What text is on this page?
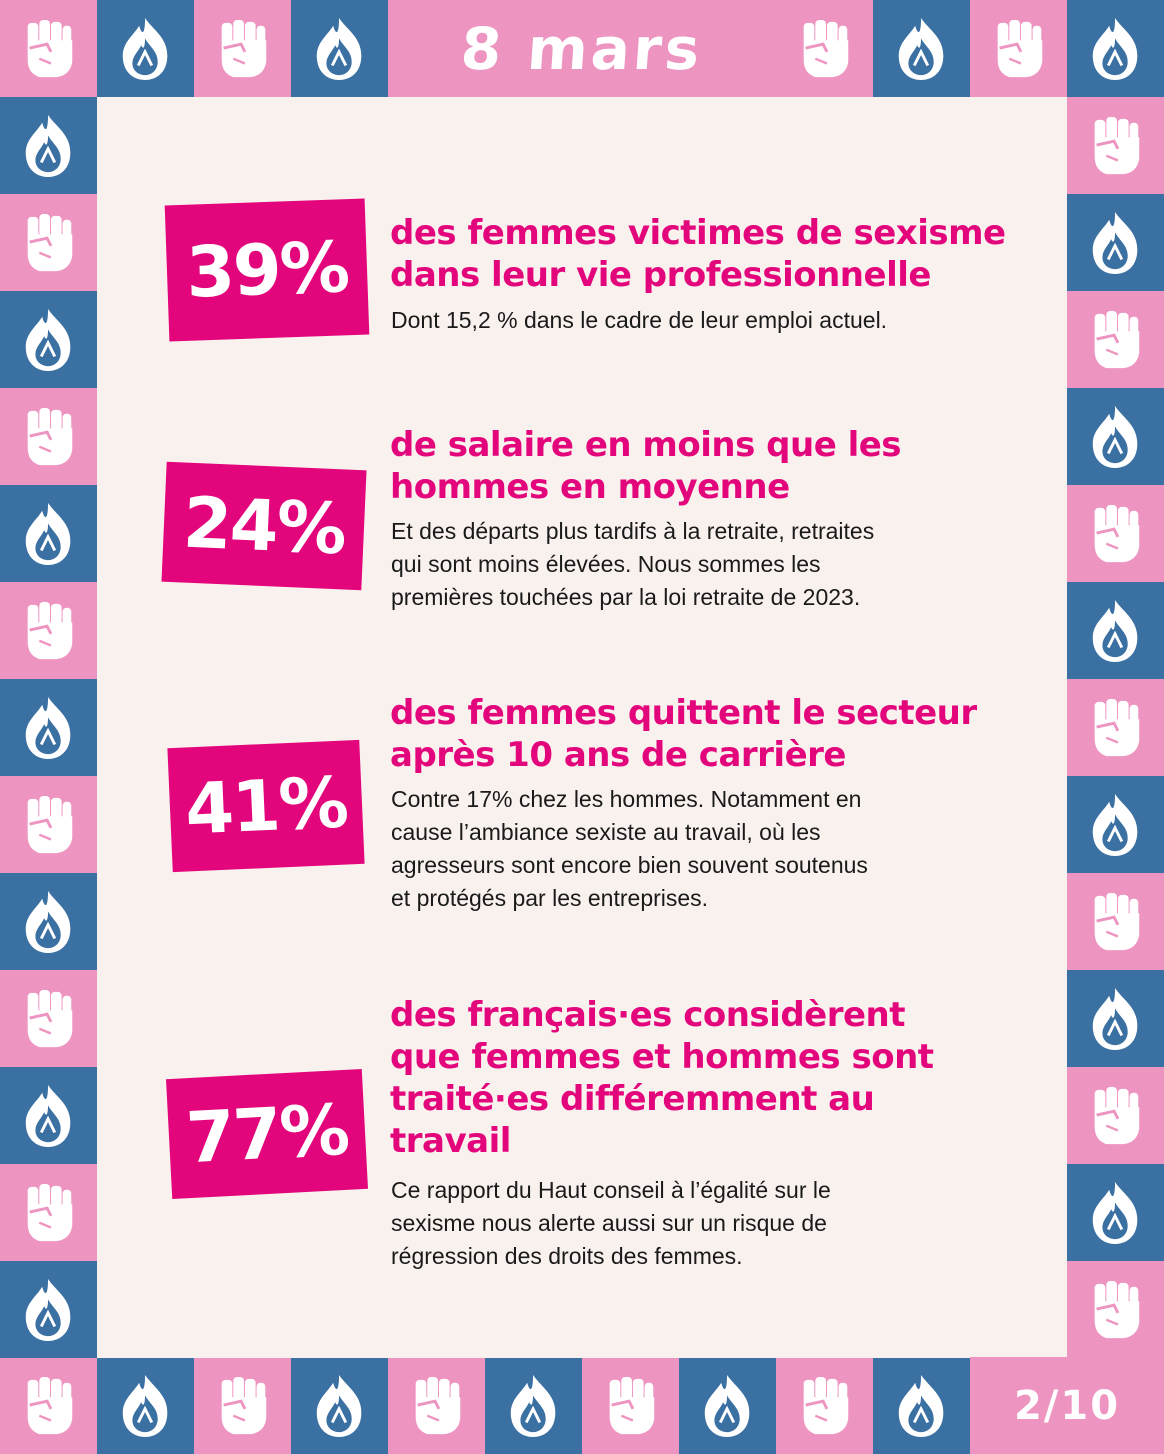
8 mars
2/10
39% des femmes victimes de sexisme
dans leur vie professionnelle
Dont 15,2 % dans le cadre de leur emploi actuel.
24%
de salaire en moins que les
hommes en moyenne
Et des départs plus tardifs à la retraite, retraites
qui sont moins élevées. Nous sommes les
premières touchées par la loi retraite de 2023.
41%
des femmes quittent le secteur
après 10 ans de carrière
Contre 17% chez les hommes. Notamment en
cause l’ambiance sexiste au travail, où les
agresseurs sont encore bien souvent soutenus
et protégés par les entreprises.
77%
des français·es considèrent
que femmes et hommes sont
traité·es différemment au
travail
Ce rapport du Haut conseil à l’égalité sur le
sexisme nous alerte aussi sur un risque de
régression des droits des femmes.
